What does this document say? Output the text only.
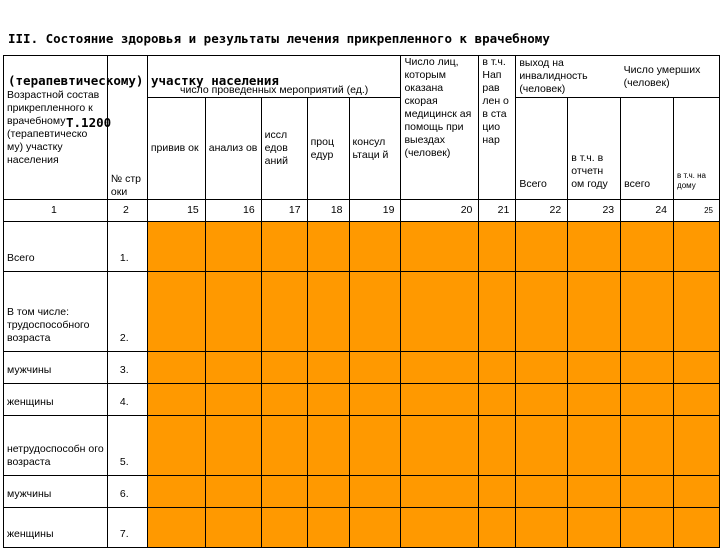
III. Состояние здоровья и результаты лечения прикрепленного к врачебному

(терапевтическому) участку населения

Т.1200

Возрастной состав прикрепленного к врачебному (терапевтическо му) участку населения	№ стр оки	число проведенных мероприятий (ед.)					Число лиц, которым оказана скорая медицинск ая помощь при выездах (человек)	в т.ч. Нап рав лен о в ста цио нар	выход на инвалидность (человек)		Число умерших (человек)	
		привив ок	анализ ов	иссл едов аний	проц едур	консул ьтаци й			Всего	в т.ч. в отчетн ом году	всего	в т.ч. на дому
1	2	15	16	17	18	19	20	21	22	23	24	25
Всего	1.											
В том числе: трудоспособного возраста	2.											
мужчины	3.											
женщины	4.											
нетрудоспособн ого возраста	5.											
мужчины	6.											
женщины	7.											
